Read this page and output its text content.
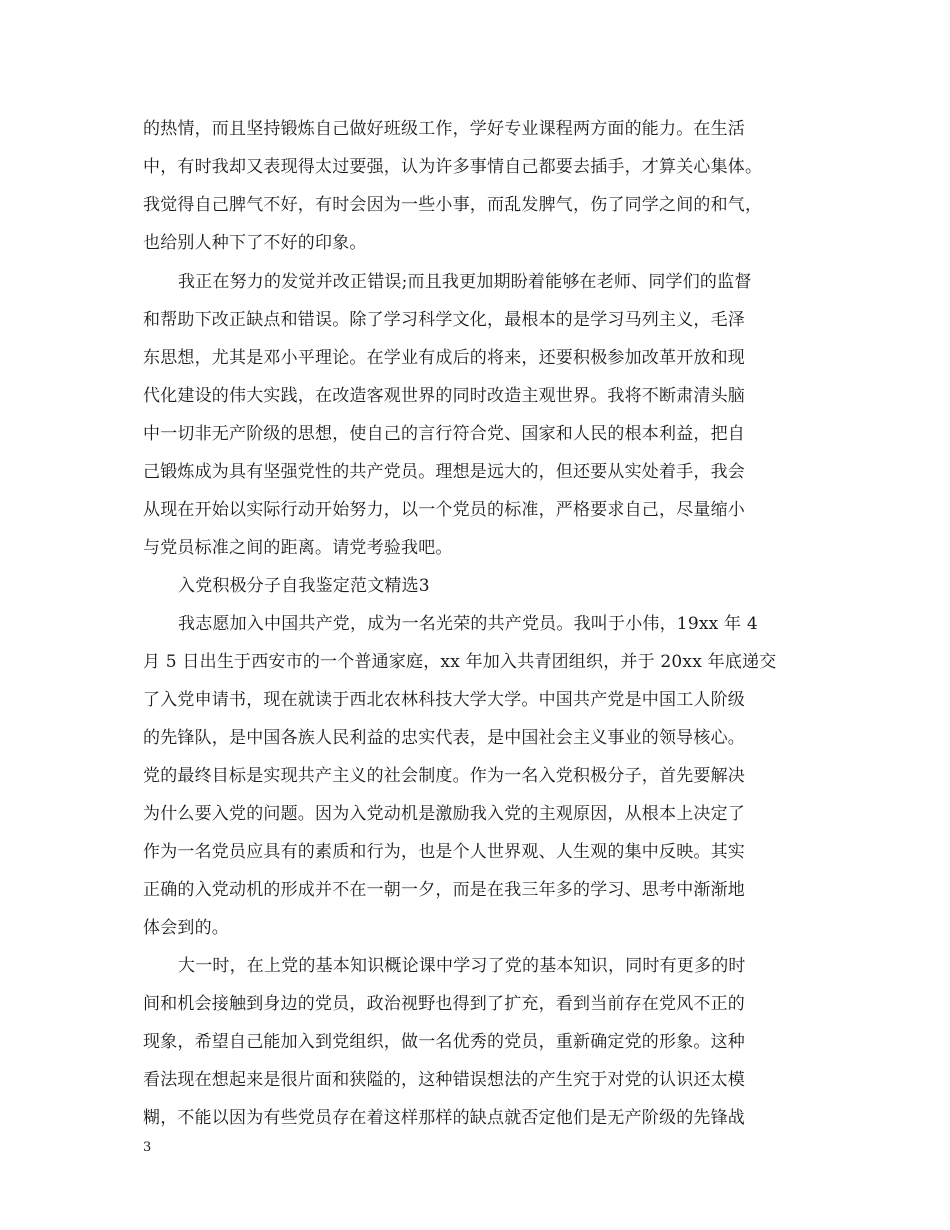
的热情，而且坚持锻炼自己做好班级工作，学好专业课程两方面的能力。在生活
中，有时我却又表现得太过要强，认为许多事情自己都要去插手，才算关心集体。
我觉得自己脾气不好，有时会因为一些小事，而乱发脾气，伤了同学之间的和气，
也给别人种下了不好的印象。
我正在努力的发觉并改正错误;而且我更加期盼着能够在老师、同学们的监督
和帮助下改正缺点和错误。除了学习科学文化，最根本的是学习马列主义，毛泽
东思想，尤其是邓小平理论。在学业有成后的将来，还要积极参加改革开放和现
代化建设的伟大实践，在改造客观世界的同时改造主观世界。我将不断肃清头脑
中一切非无产阶级的思想，使自己的言行符合党、国家和人民的根本利益，把自
己锻炼成为具有坚强党性的共产党员。理想是远大的，但还要从实处着手，我会
从现在开始以实际行动开始努力，以一个党员的标准，严格要求自己，尽量缩小
与党员标准之间的距离。请党考验我吧。
入党积极分子自我鉴定范文精选3
我志愿加入中国共产党，成为一名光荣的共产党员。我叫于小伟，19xx 年 4
月 5 日出生于西安市的一个普通家庭，xx 年加入共青团组织，并于 20xx 年底递交
了入党申请书，现在就读于西北农林科技大学大学。中国共产党是中国工人阶级
的先锋队，是中国各族人民利益的忠实代表，是中国社会主义事业的领导核心。
党的最终目标是实现共产主义的社会制度。作为一名入党积极分子，首先要解决
为什么要入党的问题。因为入党动机是激励我入党的主观原因，从根本上决定了
作为一名党员应具有的素质和行为，也是个人世界观、人生观的集中反映。其实
正确的入党动机的形成并不在一朝一夕，而是在我三年多的学习、思考中渐渐地
体会到的。
大一时，在上党的基本知识概论课中学习了党的基本知识，同时有更多的时
间和机会接触到身边的党员，政治视野也得到了扩充，看到当前存在党风不正的
现象，希望自己能加入到党组织，做一名优秀的党员，重新确定党的形象。这种
看法现在想起来是很片面和狭隘的，这种错误想法的产生究于对党的认识还太模
糊，不能以因为有些党员存在着这样那样的缺点就否定他们是无产阶级的先锋战
3
